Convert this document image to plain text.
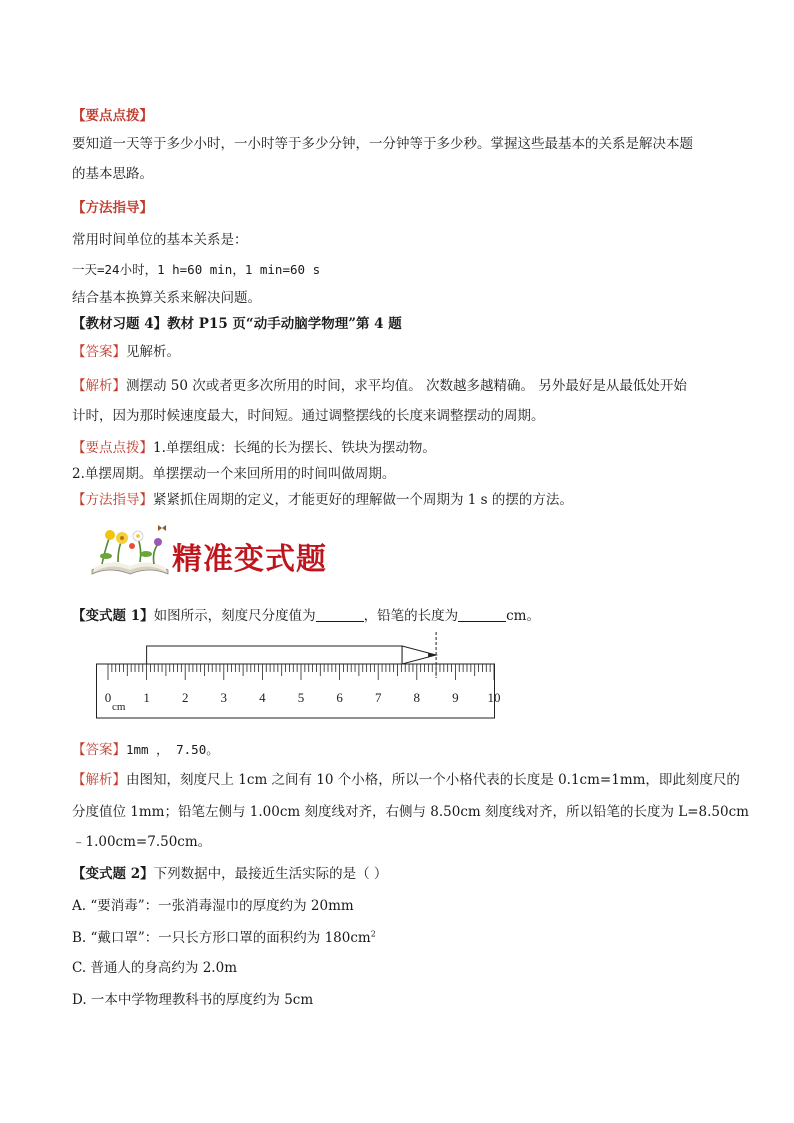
【要点点拨】
要知道一天等于多少小时，一小时等于多少分钟，一分钟等于多少秒。掌握这些最基本的关系是解决本题
的基本思路。
【方法指导】
常用时间单位的基本关系是：
一天=24小时，1 h=60 min，1 min=60 s
结合基本换算关系来解决问题。
【教材习题 4】教材 P15 页“动手动脑学物理”第 4 题
【答案】见解析。
【解析】测摆动 50 次或者更多次所用的时间，求平均值。 次数越多越精确。 另外最好是从最低处开始
计时，因为那时候速度最大，时间短。通过调整摆线的长度来调整摆动的周期。
【要点点拨】1.单摆组成：长绳的长为摆长、铁块为摆动物。
2.单摆周期。单摆摆动一个来回所用的时间叫做周期。
【方法指导】紧紧抓住周期的定义，才能更好的理解做一个周期为 1 s 的摆的方法。
精准变式题
【变式题 1】如图所示，刻度尺分度值为	，铅笔的长度为	cm。
0 1 2 3 4 5 6 7 8 9 10
cm
【答案】1mm ， 7.50。
【解析】由图知，刻度尺上 1cm 之间有 10 个小格，所以一个小格代表的长度是 0.1cm=1mm，即此刻度尺的
分度值位 1mm；铅笔左侧与 1.00cm 刻度线对齐，右侧与 8.50cm 刻度线对齐，所以铅笔的长度为 L=8.50cm
﹣1.00cm=7.50cm。
【变式题 2】下列数据中，最接近生活实际的是（ ）
A. “要消毒”：一张消毒湿巾的厚度约为 20mm
B. “戴口罩”：一只长方形口罩的面积约为 $180cm^2$
C. 普通人的身高约为 2.0m
D. 一本中学物理教科书的厚度约为 5cm
